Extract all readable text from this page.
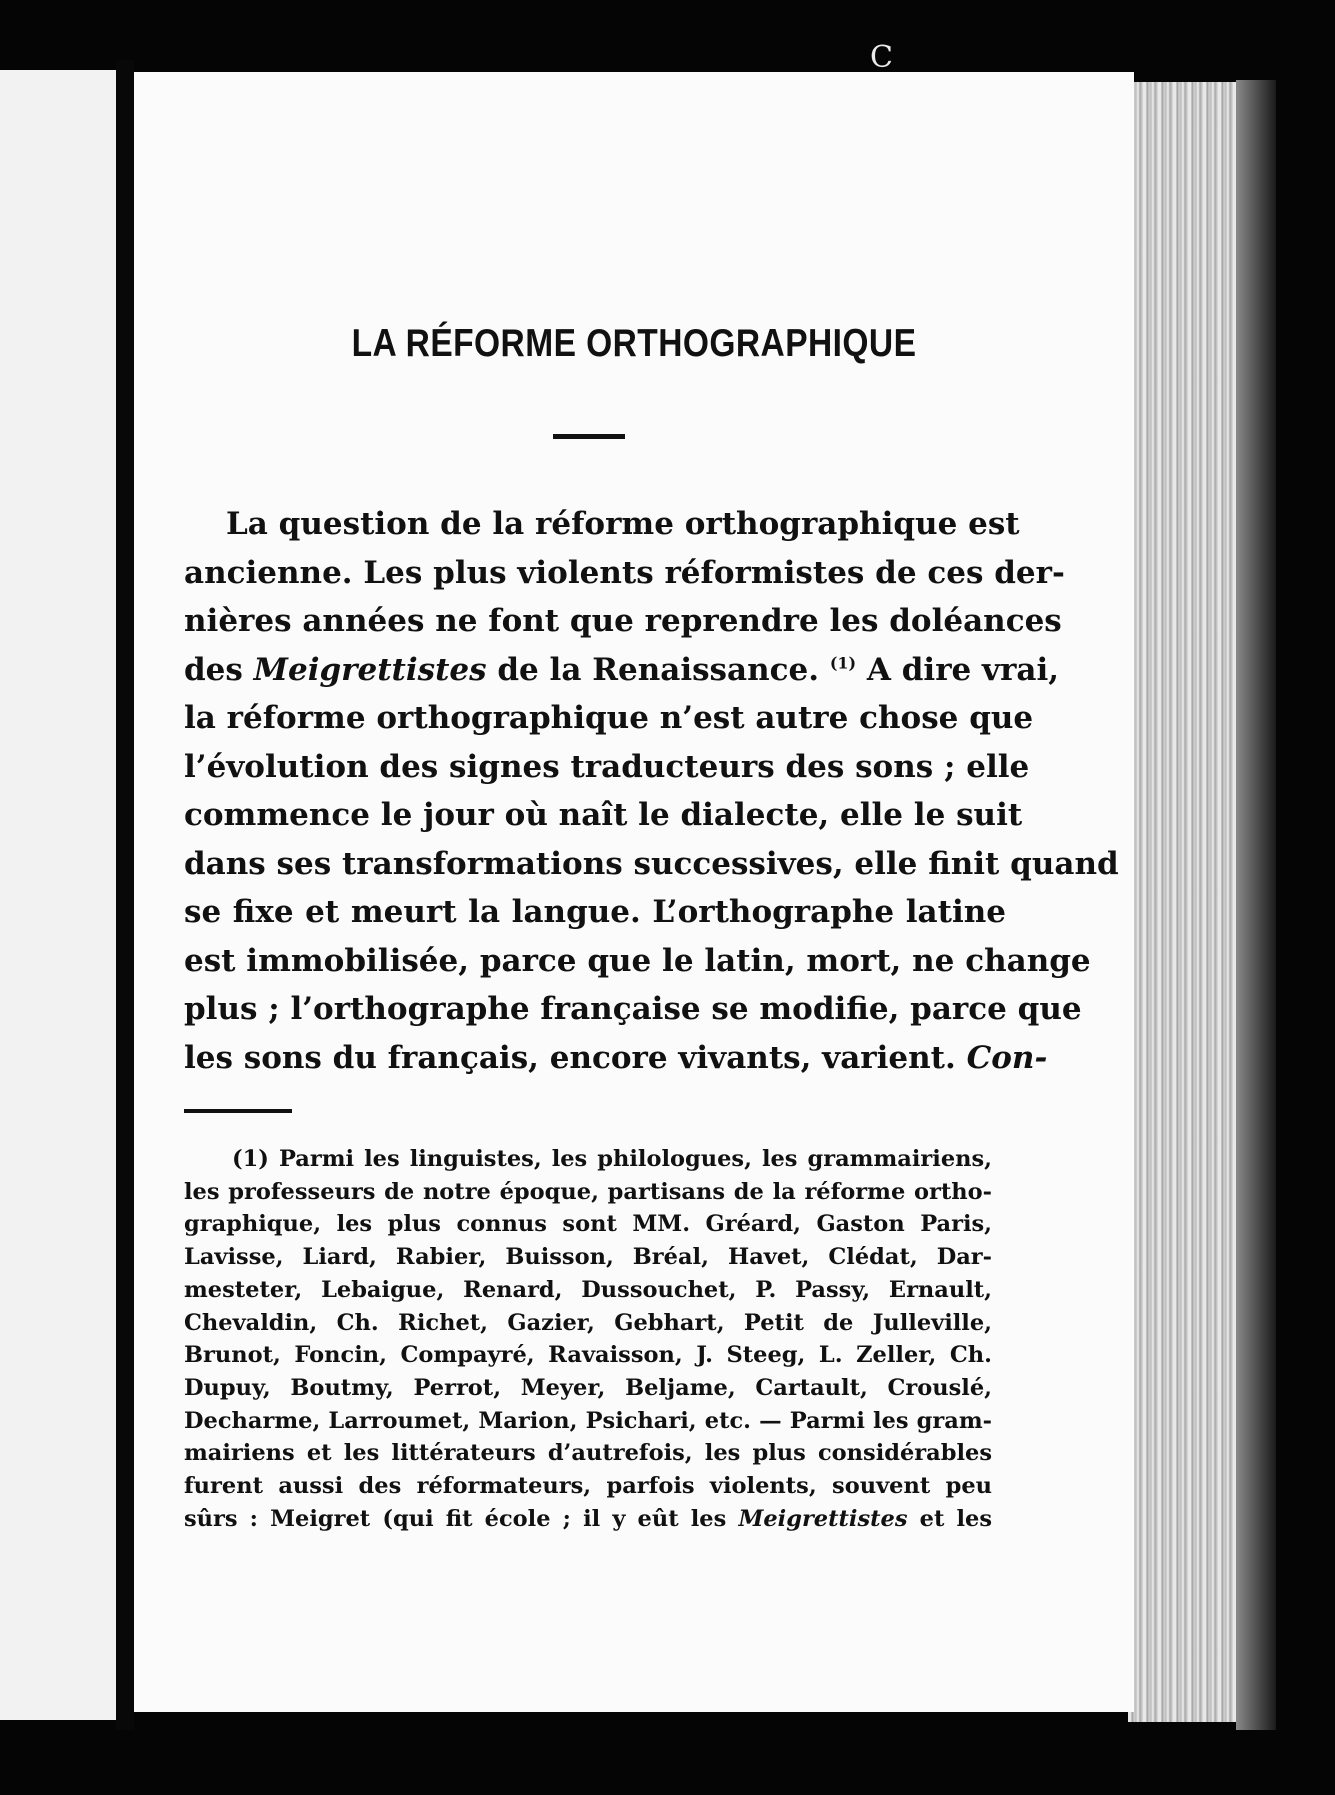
C
LA RÉFORME ORTHOGRAPHIQUE
La question de la réforme orthographique est
ancienne. Les plus violents réformistes de ces der-
nières années ne font que reprendre les doléances
des Meigrettistes de la Renaissance. $^{(1)}$ A dire vrai,
la réforme orthographique n’est autre chose que
l’évolution des signes traducteurs des sons ; elle
commence le jour où naît le dialecte, elle le suit
dans ses transformations successives, elle finit quand
se fixe et meurt la langue. L’orthographe latine
est immobilisée, parce que le latin, mort, ne change
plus ; l’orthographe française se modifie, parce que
les sons du français, encore vivants, varient. Con-
(1) Parmi les linguistes, les philologues, les grammairiens,
les professeurs de notre époque, partisans de la réforme ortho-
graphique, les plus connus sont MM. Gréard, Gaston Paris,
Lavisse, Liard, Rabier, Buisson, Bréal, Havet, Clédat, Dar-
mesteter, Lebaigue, Renard, Dussouchet, P. Passy, Ernault,
Chevaldin, Ch. Richet, Gazier, Gebhart, Petit de Julleville,
Brunot, Foncin, Compayré, Ravaisson, J. Steeg, L. Zeller, Ch.
Dupuy, Boutmy, Perrot, Meyer, Beljame, Cartault, Crouslé,
Decharme, Larroumet, Marion, Psichari, etc. — Parmi les gram-
mairiens et les littérateurs d’autrefois, les plus considérables
furent aussi des réformateurs, parfois violents, souvent peu
sûrs : Meigret (qui fit école ; il y eût les Meigrettistes et les
